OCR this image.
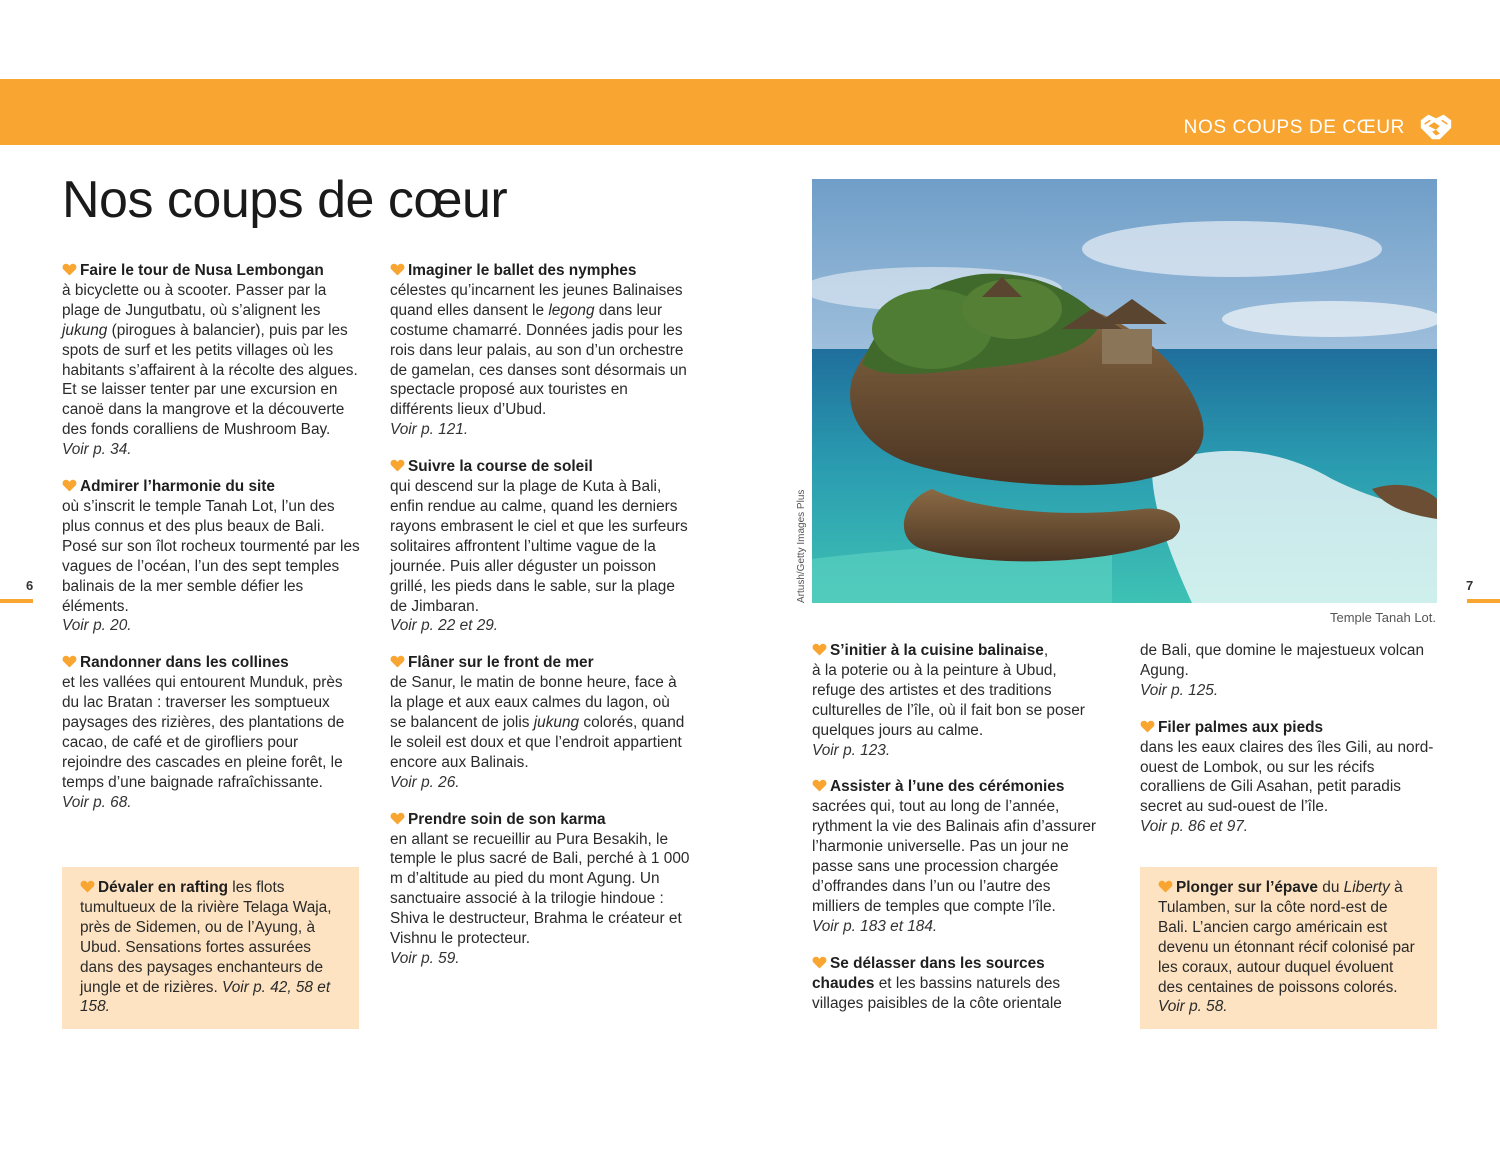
NOS COUPS DE CŒUR
Nos coups de cœur
6	7

Faire le tour de Nusa Lembongan

à bicyclette ou à scooter. Passer par la plage de Jungutbatu, où s’alignent les jukung (pirogues à balancier), puis par les spots de surf et les petits villages où les habitants s’affairent à la récolte des algues. Et se laisser tenter par une excursion en canoë dans la mangrove et la découverte des fonds coralliens de Mushroom Bay.

Voir p. 34.

Admirer l’harmonie du site

où s’inscrit le temple Tanah Lot, l’un des plus connus et des plus beaux de Bali. Posé sur son îlot rocheux tourmenté par les vagues de l’océan, l’un des sept temples balinais de la mer semble défier les éléments.

Voir p. 20.

Randonner dans les collines

et les vallées qui entourent Munduk, près du lac Bratan : traverser les somptueux paysages des rizières, des plantations de cacao, de café et de girofliers pour rejoindre des cascades en pleine forêt, le temps d’une baignade rafraîchissante.

Voir p. 68.

Dévaler en rafting les flots tumultueux de la rivière Telaga Waja, près de Sidemen, ou de l’Ayung, à Ubud. Sensations fortes assurées dans des paysages enchanteurs de jungle et de rizières. Voir p. 42, 58 et 158.

Imaginer le ballet des nymphes

célestes qu’incarnent les jeunes Balinaises quand elles dansent le legong dans leur costume chamarré. Données jadis pour les rois dans leur palais, au son d’un orchestre de gamelan, ces danses sont désormais un spectacle proposé aux touristes en différents lieux d’Ubud.

Voir p. 121.

Suivre la course de soleil

qui descend sur la plage de Kuta à Bali, enfin rendue au calme, quand les derniers rayons embrasent le ciel et que les surfeurs solitaires affrontent l’ultime vague de la journée. Puis aller déguster un poisson grillé, les pieds dans le sable, sur la plage de Jimbaran.

Voir p. 22 et 29.

Flâner sur le front de mer

de Sanur, le matin de bonne heure, face à la plage et aux eaux calmes du lagon, où se balancent de jolis jukung colorés, quand le soleil est doux et que l’endroit appartient encore aux Balinais.

Voir p. 26.

Prendre soin de son karma

en allant se recueillir au Pura Besakih, le temple le plus sacré de Bali, perché à 1 000 m d’altitude au pied du mont Agung. Un sanctuaire associé à la trilogie hindoue : Shiva le destructeur, Brahma le créateur et Vishnu le protecteur.

Voir p. 59.

Artush/Getty Images Plus
Temple Tanah Lot.

S’initier à la cuisine balinaise,

à la poterie ou à la peinture à Ubud, refuge des artistes et des traditions culturelles de l’île, où il fait bon se poser quelques jours au calme.

Voir p. 123.

Assister à l’une des cérémonies

sacrées qui, tout au long de l’année, rythment la vie des Balinais afin d’assurer l’harmonie universelle. Pas un jour ne passe sans une procession chargée d’offrandes dans l’un ou l’autre des milliers de temples que compte l’île.

Voir p. 183 et 184.

Se délasser dans les sources chaudes et les bassins naturels des villages paisibles de la côte orientale

de Bali, que domine le majestueux volcan Agung.

Voir p. 125.

Filer palmes aux pieds

dans les eaux claires des îles Gili, au nord-ouest de Lombok, ou sur les récifs coralliens de Gili Asahan, petit paradis secret au sud-ouest de l’île.

Voir p. 86 et 97.

Plonger sur l’épave du Liberty à Tulamben, sur la côte nord-est de Bali. L’ancien cargo américain est devenu un étonnant récif colonisé par les coraux, autour duquel évoluent des centaines de poissons colorés. Voir p. 58.
